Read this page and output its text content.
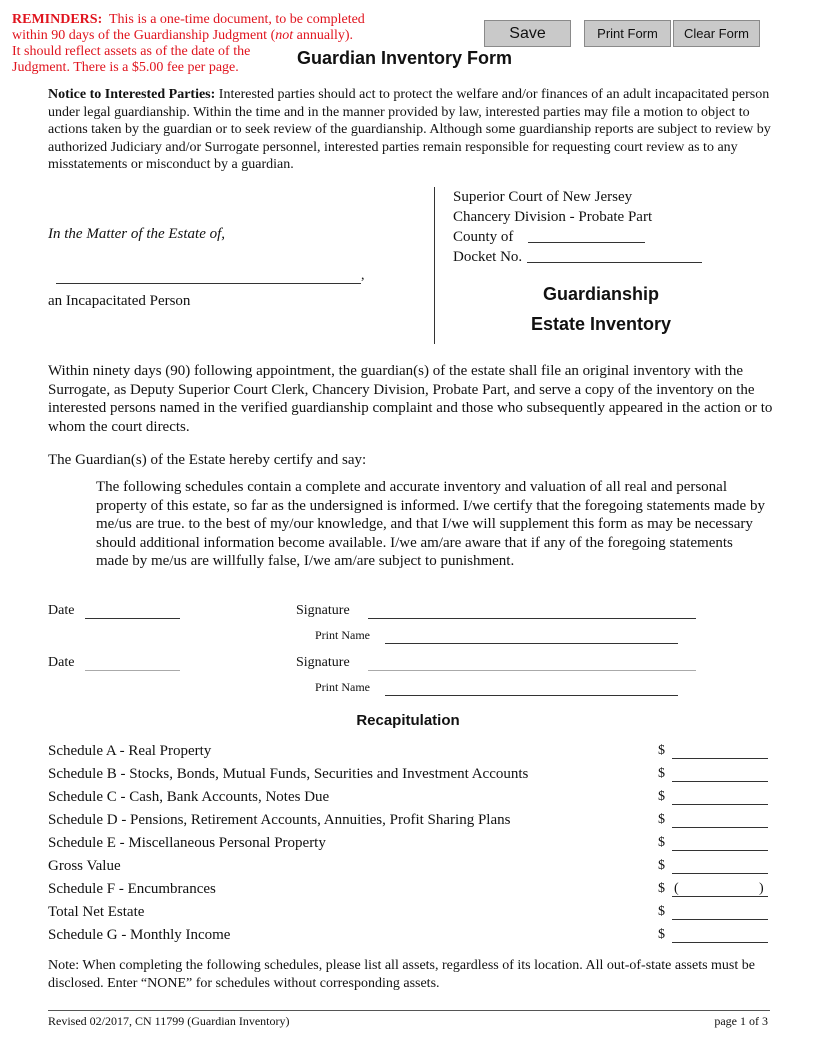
REMINDERS: This is a one-time document, to be completed
within 90 days of the Guardianship Judgment (not annually).
It should reflect assets as of the date of the
Judgment. There is a $5.00 fee per page.
Save	Print Form	Clear Form
Guardian Inventory Form
Notice to Interested Parties: Interested parties should act to protect the welfare and/or finances of an adult incapacitated person under legal guardianship. Within the time and in the manner provided by law, interested parties may file a motion to object to actions taken by the guardian or to seek review of the guardianship. Although some guardianship reports are subject to review by authorized Judiciary and/or Surrogate personnel, interested parties remain responsible for requesting court review as to any misstatements or misconduct by a guardian.
In the Matter of the Estate of,
,
an Incapacitated Person
Superior Court of New Jersey
Chancery Division - Probate Part
County of
Docket No.
Guardianship
Estate Inventory
Within ninety days (90) following appointment, the guardian(s) of the estate shall file an original inventory with the Surrogate, as Deputy Superior Court Clerk, Chancery Division, Probate Part, and serve a copy of the inventory on the interested persons named in the verified guardianship complaint and those who subsequently appeared in the action or to whom the court directs.
The Guardian(s) of the Estate hereby certify and say:
The following schedules contain a complete and accurate inventory and valuation of all real and personal property of this estate, so far as the undersigned is informed. I/we certify that the foregoing statements made by me/us are true. to the best of my/our knowledge, and that I/we will supplement this form as may be necessary should additional information become available. I/we am/are aware that if any of the foregoing statements made by me/us are willfully false, I/we am/are subject to punishment.
Date	Signature
Print Name
Date	Signature
Print Name
Recapitulation
Schedule A - Real Property	$
Schedule B - Stocks, Bonds, Mutual Funds, Securities and Investment Accounts	$
Schedule C - Cash, Bank Accounts, Notes Due	$
Schedule D - Pensions, Retirement Accounts, Annuities, Profit Sharing Plans	$
Schedule E - Miscellaneous Personal Property	$
Gross Value	$
Schedule F - Encumbrances	$ (	)
Total Net Estate	$
Schedule G - Monthly Income	$
Note: When completing the following schedules, please list all assets, regardless of its location. All out-of-state assets must be disclosed. Enter “NONE” for schedules without corresponding assets.
Revised 02/2017, CN 11799 (Guardian Inventory)	page 1 of 3
